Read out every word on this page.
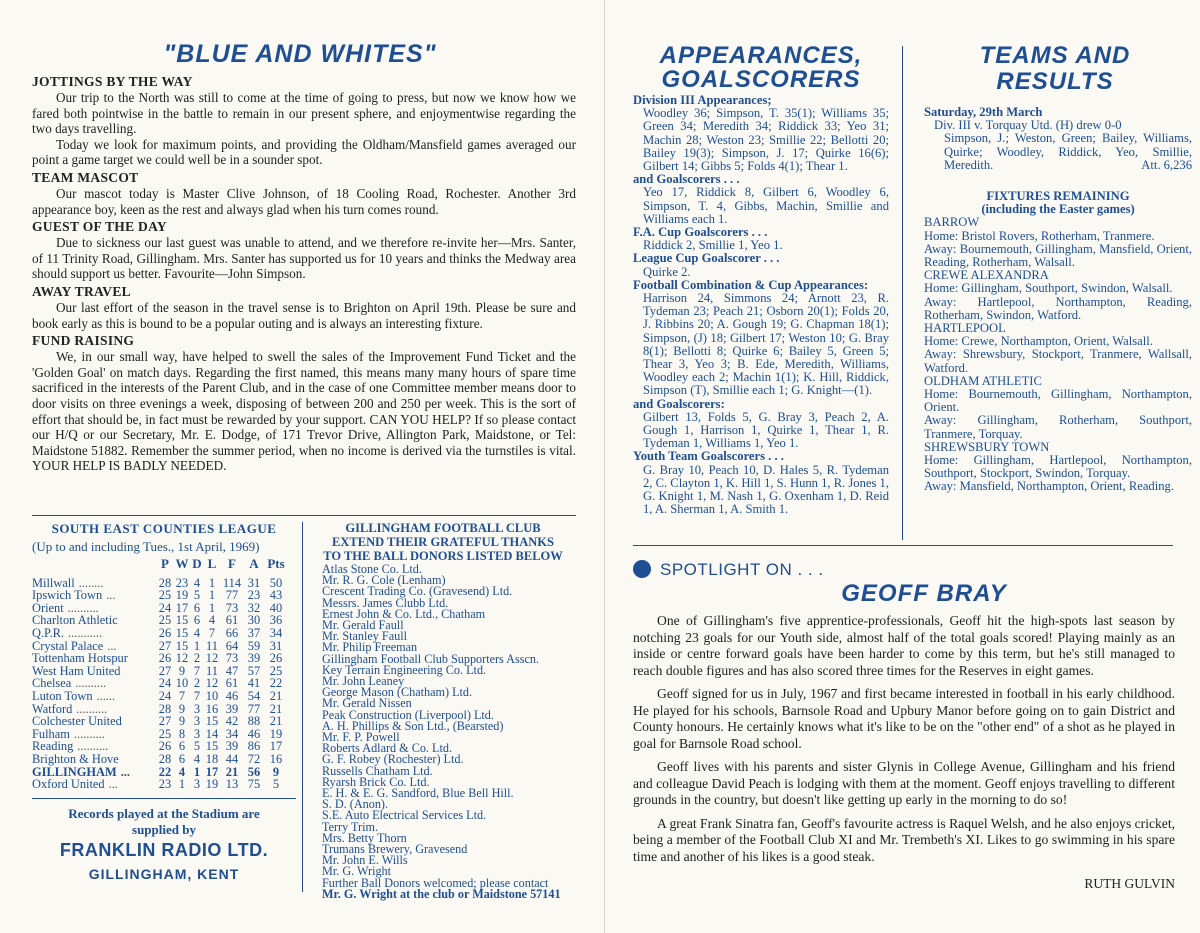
"BLUE AND WHITES"
JOTTINGS BY THE WAY

Our trip to the North was still to come at the time of going to press, but now we know how we fared both pointwise in the battle to remain in our present sphere, and enjoymentwise regarding the two days travelling.

Today we look for maximum points, and providing the Oldham/Mansfield games averaged our point a game target we could well be in a sounder spot.

TEAM MASCOT

Our mascot today is Master Clive Johnson, of 18 Cooling Road, Rochester. Another 3rd appearance boy, keen as the rest and always glad when his turn comes round.

GUEST OF THE DAY

Due to sickness our last guest was unable to attend, and we therefore re-invite her—Mrs. Santer, of 11 Trinity Road, Gillingham. Mrs. Santer has supported us for 10 years and thinks the Medway area should support us better. Favourite—John Simpson.

AWAY TRAVEL

Our last effort of the season in the travel sense is to Brighton on April 19th. Please be sure and book early as this is bound to be a popular outing and is always an interesting fixture.

FUND RAISING

We, in our small way, have helped to swell the sales of the Improvement Fund Ticket and the 'Golden Goal' on match days. Regarding the first named, this means many many hours of spare time sacrificed in the interests of the Parent Club, and in the case of one Committee member means door to door visits on three evenings a week, disposing of between 200 and 250 per week. This is the sort of effort that should be, in fact must be rewarded by your support. CAN YOU HELP? If so please contact our H/Q or our Secretary, Mr. E. Dodge, of 171 Trevor Drive, Allington Park, Maidstone, or Tel: Maidstone 51882. Remember the summer period, when no income is derived via the turnstiles is vital. YOUR HELP IS BADLY NEEDED.

SOUTH EAST COUNTIES LEAGUE
(Up to and including Tues., 1st April, 1969)
	P	W	D	L	F	A	Pts
Millwall ........	28	23	4	1	114	31	50
Ipswich Town ...	25	19	5	1	77	23	43
Orient ..........	24	17	6	1	73	32	40
Charlton Athletic	25	15	6	4	61	30	36
Q.P.R. ...........	26	15	4	7	66	37	34
Crystal Palace ...	27	15	1	11	64	59	31
Tottenham Hotspur	26	12	2	12	73	39	26
West Ham United	27	9	7	11	47	57	25
Chelsea ..........	24	10	2	12	61	41	22
Luton Town ......	24	7	7	10	46	54	21
Watford ..........	28	9	3	16	39	77	21
Colchester United	27	9	3	15	42	88	21
Fulham ..........	25	8	3	14	34	46	19
Reading ..........	26	6	5	15	39	86	17
Brighton & Hove	28	6	4	18	44	72	16
GILLINGHAM ...	22	4	1	17	21	56	9
Oxford United ...	23	1	3	19	13	75	5
Records played at the Stadium are
supplied by
FRANKLIN RADIO LTD.
GILLINGHAM, KENT
GILLINGHAM FOOTBALL CLUB
EXTEND THEIR GRATEFUL THANKS
TO THE BALL DONORS LISTED BELOW
Atlas Stone Co. Ltd.
Mr. R. G. Cole (Lenham)
Crescent Trading Co. (Gravesend) Ltd.
Messrs. James Clubb Ltd.
Ernest John & Co. Ltd., Chatham
Mr. Gerald Faull
Mr. Stanley Faull
Mr. Philip Freeman
Gillingham Football Club Supporters Asscn.
Key Terrain Engineering Co. Ltd.
Mr. John Leaney
George Mason (Chatham) Ltd.
Mr. Gerald Nissen
Peak Construction (Liverpool) Ltd.
A. H. Phillips & Son Ltd., (Bearsted)
Mr. F. P. Powell
Roberts Adlard & Co. Ltd.
G. F. Robey (Rochester) Ltd.
Russells Chatham Ltd.
Ryarsh Brick Co. Ltd.
E. H. & E. G. Sandford, Blue Bell Hill.
S. D. (Anon).
S.E. Auto Electrical Services Ltd.
Terry Trim.
Mrs. Betty Thorn
Trumans Brewery, Gravesend
Mr. John E. Wills
Mr. G. Wright
Further Ball Donors welcomed; please contact
Mr. G. Wright at the club or Maidstone 57141
APPEARANCES,
GOALSCORERS
Division III Appearances;
Woodley 36; Simpson, T. 35(1); Williams 35; Green 34; Meredith 34; Riddick 33; Yeo 31; Machin 28; Weston 23; Smillie 22; Bellotti 20; Bailey 19(3); Simpson, J. 17; Quirke 16(6); Gilbert 14; Gibbs 5; Folds 4(1); Thear 1.
and Goalscorers . . .
Yeo 17, Riddick 8, Gilbert 6, Woodley 6, Simpson, T. 4, Gibbs, Machin, Smillie and Williams each 1.
F.A. Cup Goalscorers . . .
Riddick 2, Smillie 1, Yeo 1.
League Cup Goalscorer . . .
Quirke 2.
Football Combination & Cup Appearances:
Harrison 24, Simmons 24; Arnott 23, R. Tydeman 23; Peach 21; Osborn 20(1); Folds 20, J. Ribbins 20; A. Gough 19; G. Chapman 18(1); Simpson, (J) 18; Gilbert 17; Weston 10; G. Bray 8(1); Bellotti 8; Quirke 6; Bailey 5, Green 5; Thear 3, Yeo 3; B. Ede, Meredith, Williams, Woodley each 2; Machin 1(1); K. Hill, Riddick, Simpson (T), Smillie each 1; G. Knight—(1).
and Goalscorers:
Gilbert 13, Folds 5, G. Bray 3, Peach 2, A. Gough 1, Harrison 1, Quirke 1, Thear 1, R. Tydeman 1, Williams 1, Yeo 1.
Youth Team Goalscorers . . .
G. Bray 10, Peach 10, D. Hales 5, R. Tydeman 2, C. Clayton 1, K. Hill 1, S. Hunn 1, R. Jones 1, G. Knight 1, M. Nash 1, G. Oxenham 1, D. Reid 1, A. Sherman 1, A. Smith 1.
TEAMS AND
RESULTS
Saturday, 29th March
Div. III v. Torquay Utd. (H) drew 0-0
Simpson, J.; Weston, Green; Bailey, Williams, Quirke; Woodley, Riddick, Yeo, Smillie, Meredith.	Att. 6,236
FIXTURES REMAINING
(including the Easter games)
BARROW
Home: Bristol Rovers, Rotherham, Tranmere.
Away: Bournemouth, Gillingham, Mansfield, Orient, Reading, Rotherham, Walsall.
CREWE ALEXANDRA
Home: Gillingham, Southport, Swindon, Walsall.
Away: Hartlepool, Northampton, Reading, Rotherham, Swindon, Watford.
HARTLEPOOL
Home: Crewe, Northampton, Orient, Walsall.
Away: Shrewsbury, Stockport, Tranmere, Wallsall, Watford.
OLDHAM ATHLETIC
Home: Bournemouth, Gillingham, Northampton, Orient.
Away: Gillingham, Rotherham, Southport, Tranmere, Torquay.
SHREWSBURY TOWN
Home: Gillingham, Hartlepool, Northampton, Southport, Stockport, Swindon, Torquay.
Away: Mansfield, Northampton, Orient, Reading.
SPOTLIGHT ON . . .
GEOFF BRAY

One of Gillingham's five apprentice-professionals, Geoff hit the high-spots last season by notching 23 goals for our Youth side, almost half of the total goals scored! Playing mainly as an inside or centre forward goals have been harder to come by this term, but he's still managed to reach double figures and has also scored three times for the Reserves in eight games.

Geoff signed for us in July, 1967 and first became interested in football in his early childhood. He played for his schools, Barnsole Road and Upbury Manor before going on to gain District and County honours. He certainly knows what it's like to be on the "other end" of a shot as he played in goal for Barnsole Road school.

Geoff lives with his parents and sister Glynis in College Avenue, Gillingham and his friend and colleague David Peach is lodging with them at the moment. Geoff enjoys travelling to different grounds in the country, but doesn't like getting up early in the morning to do so!

A great Frank Sinatra fan, Geoff's favourite actress is Raquel Welsh, and he also enjoys cricket, being a member of the Football Club XI and Mr. Trembeth's XI. Likes to go swimming in his spare time and another of his likes is a good steak.

RUTH GULVIN
